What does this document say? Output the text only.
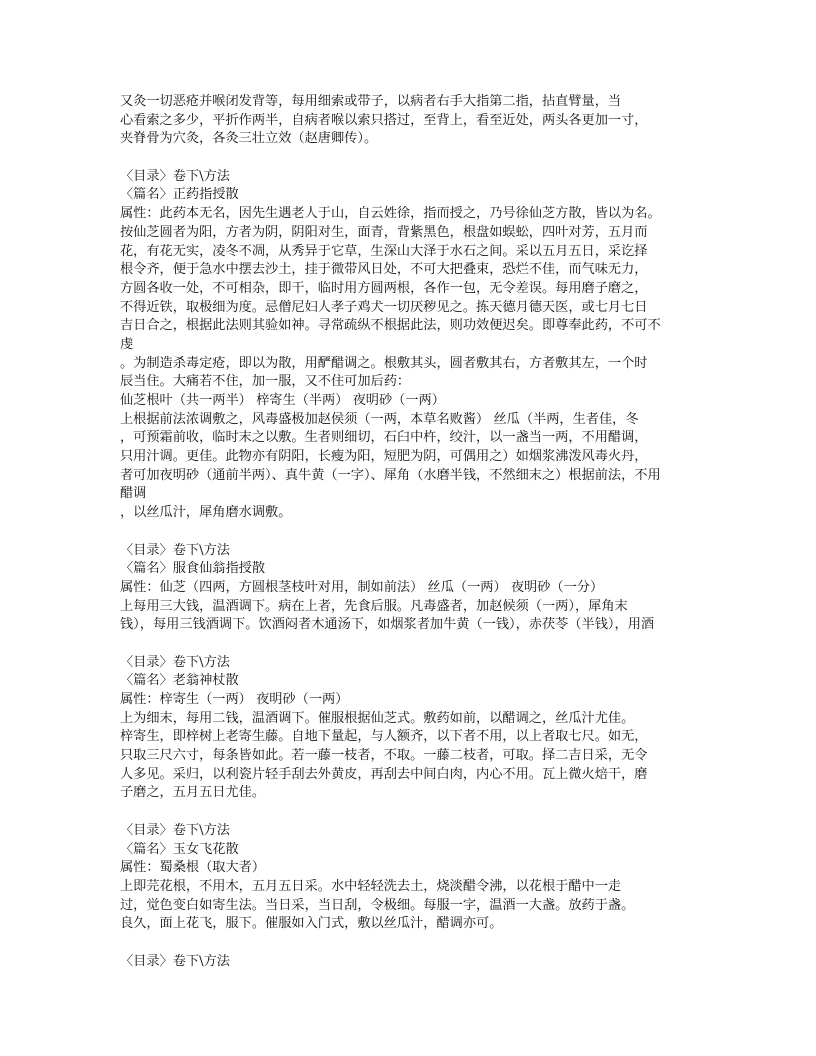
又灸一切恶疮并喉闭发背等，每用细索或带子，以病者右手大指第二指，拈直臂量，当
心看索之多少，平折作两半，自病者喉以索只搭过，至背上，看至近处，两头各更加一寸，
夹脊骨为穴灸，各灸三壮立效（赵唐卿传）。
〈目录〉卷下\方法
〈篇名〉正药指授散
属性：此药本无名，因先生遇老人于山，自云姓徐，指而授之，乃号徐仙芝方散，皆以为名。
按仙芝圆者为阳，方者为阴，阴阳对生，面青，背紫黑色，根盘如蜈蚣，四叶对芳，五月而
花，有花无实，凌冬不凋，从秀异于它草，生深山大泽于水石之间。采以五月五日，采讫择
根令齐，便于急水中摆去沙土，挂于微带风日处，不可大把叠束，恐烂不佳，而气味无力，
方圆各收一处，不可相杂，即干，临时用方圆两根，各作一包，无令差误。每用磨子磨之，
不得近铁，取极细为度。忌僧尼妇人孝子鸡犬一切厌秽见之。拣天德月德天医，或七月七日
吉日合之，根据此法则其验如神。寻常疏纵不根据此法，则功效便迟矣。即尊奉此药，不可不
虔
。为制造杀毒定疮，即以为散，用酽醋调之。根敷其头，圆者敷其右，方者敷其左，一个时
辰当住。大痛若不住，加一服，又不住可加后药：
仙芝根叶（共一两半） 梓寄生（半两） 夜明砂（一两）
上根据前法浓调敷之，风毒盛极加赵侯须（一两，本草名败酱） 丝瓜（半两，生者佳，冬
，可预霜前收，临时末之以敷。生者则细切，石臼中杵，绞汁，以一盏当一两，不用醋调，
只用汁调。更佳。此物亦有阴阳，长瘦为阳，短肥为阴，可偶用之）如烟浆沸泼风毒火丹，
者可加夜明砂（通前半两）、真牛黄（一字）、犀角（水磨半钱，不然细末之）根据前法，不用
醋调
，以丝瓜汁，犀角磨水调敷。
〈目录〉卷下\方法
〈篇名〉服食仙翁指授散
属性：仙芝（四两，方圆根茎枝叶对用，制如前法） 丝瓜（一两） 夜明砂（一分）
上每用三大钱，温酒调下。病在上者，先食后服。凡毒盛者，加赵候须（一两），犀角末
钱），每用三钱酒调下。饮酒闷者木通汤下，如烟浆者加牛黄（一钱），赤茯苓（半钱），用酒
〈目录〉卷下\方法
〈篇名〉老翁神杖散
属性：梓寄生（一两） 夜明砂（一两）
上为细末，每用二钱，温酒调下。催服根据仙芝式。敷药如前，以醋调之，丝瓜汁尤佳。
梓寄生，即梓树上老寄生藤。自地下量起，与人额齐，以下者不用，以上者取七尺。如无，
只取三尺六寸，每条皆如此。若一藤一枝者，不取。一藤二枝者，可取。择二吉日采，无令
人多见。采归，以利瓷片轻手刮去外黄皮，再刮去中间白肉，内心不用。瓦上微火焙干，磨
子磨之，五月五日尤佳。
〈目录〉卷下\方法
〈篇名〉玉女飞花散
属性：蜀桑根（取大者）
上即芫花根，不用木，五月五日采。水中轻轻洗去土，烧淡醋令沸，以花根于醋中一走
过，觉色变白如寄生法。当日采，当日刮，令极细。每服一字，温酒一大盏。放药于盏。
良久，面上花飞，服下。催服如入门式，敷以丝瓜汁，醋调亦可。
〈目录〉卷下\方法
